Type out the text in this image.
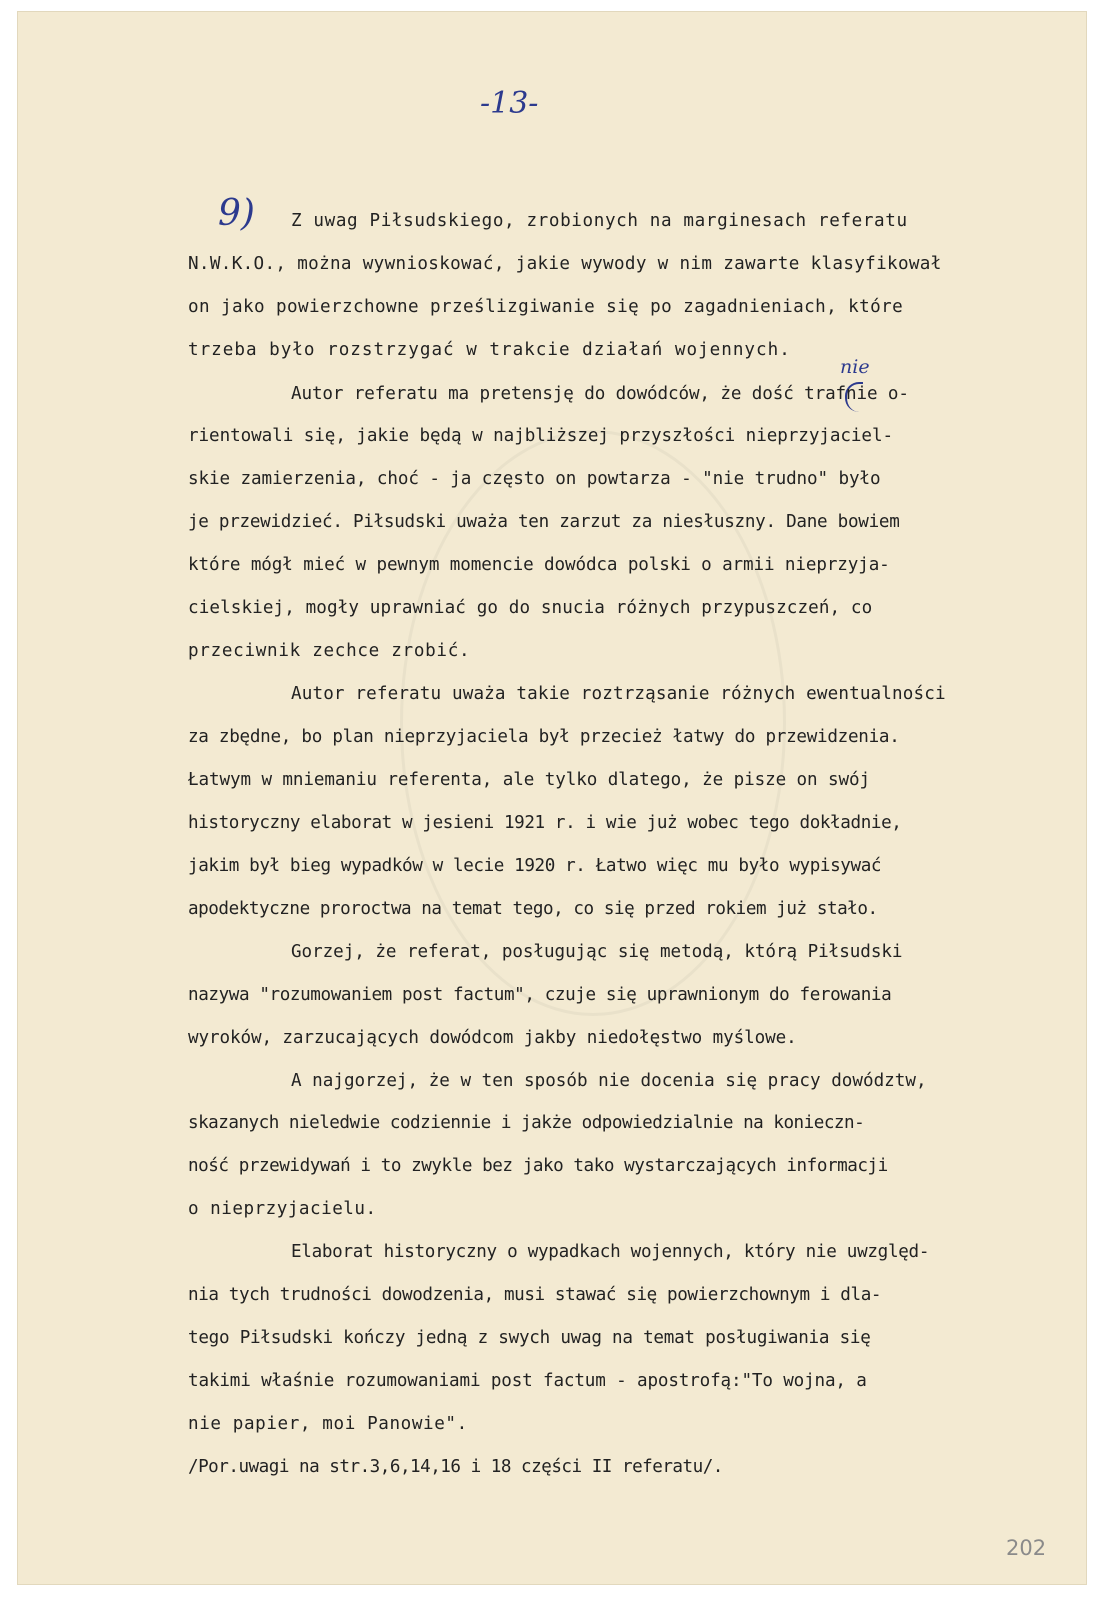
-13-
9)
nie

Z uwag Piłsudskiego, zrobionych na marginesach referatu

N.W.K.O., można wywnioskować, jakie wywody w nim zawarte klasyfikował

on jako powierzchowne prześlizgiwanie się po zagadnieniach, które

trzeba było rozstrzygać w trakcie działań wojennych.

Autor referatu ma pretensję do dowódców, że dość trafnie o-

rientowali się, jakie będą w najbliższej przyszłości nieprzyjaciel-

skie zamierzenia, choć - ja często on powtarza - "nie trudno" było

je przewidzieć. Piłsudski uważa ten zarzut za niesłuszny. Dane bowiem

które mógł mieć w pewnym momencie dowódca polski o armii nieprzyja-

cielskiej, mogły uprawniać go do snucia różnych przypuszczeń, co

przeciwnik zechce zrobić.

Autor referatu uważa takie roztrząsanie różnych ewentualności

za zbędne, bo plan nieprzyjaciela był przecież łatwy do przewidzenia.

Łatwym w mniemaniu referenta, ale tylko dlatego, że pisze on swój

historyczny elaborat w jesieni 1921 r. i wie już wobec tego dokładnie,

jakim był bieg wypadków w lecie 1920 r. Łatwo więc mu było wypisywać

apodektyczne proroctwa na temat tego, co się przed rokiem już stało.

Gorzej, że referat, posługując się metodą, którą Piłsudski

nazywa "rozumowaniem post factum", czuje się uprawnionym do ferowania

wyroków, zarzucających dowódcom jakby niedołęstwo myślowe.

A najgorzej, że w ten sposób nie docenia się pracy dowództw,

skazanych nieledwie codziennie i jakże odpowiedzialnie na konieczn-

ność przewidywań i to zwykle bez jako tako wystarczających informacji

o nieprzyjacielu.

Elaborat historyczny o wypadkach wojennych, który nie uwzględ-

nia tych trudności dowodzenia, musi stawać się powierzchownym i dla-

tego Piłsudski kończy jedną z swych uwag na temat posługiwania się

takimi właśnie rozumowaniami post factum - apostrofą:"To wojna, a

nie papier, moi Panowie".

/Por.uwagi na str.3,6,14,16 i 18 części II referatu/.

202
